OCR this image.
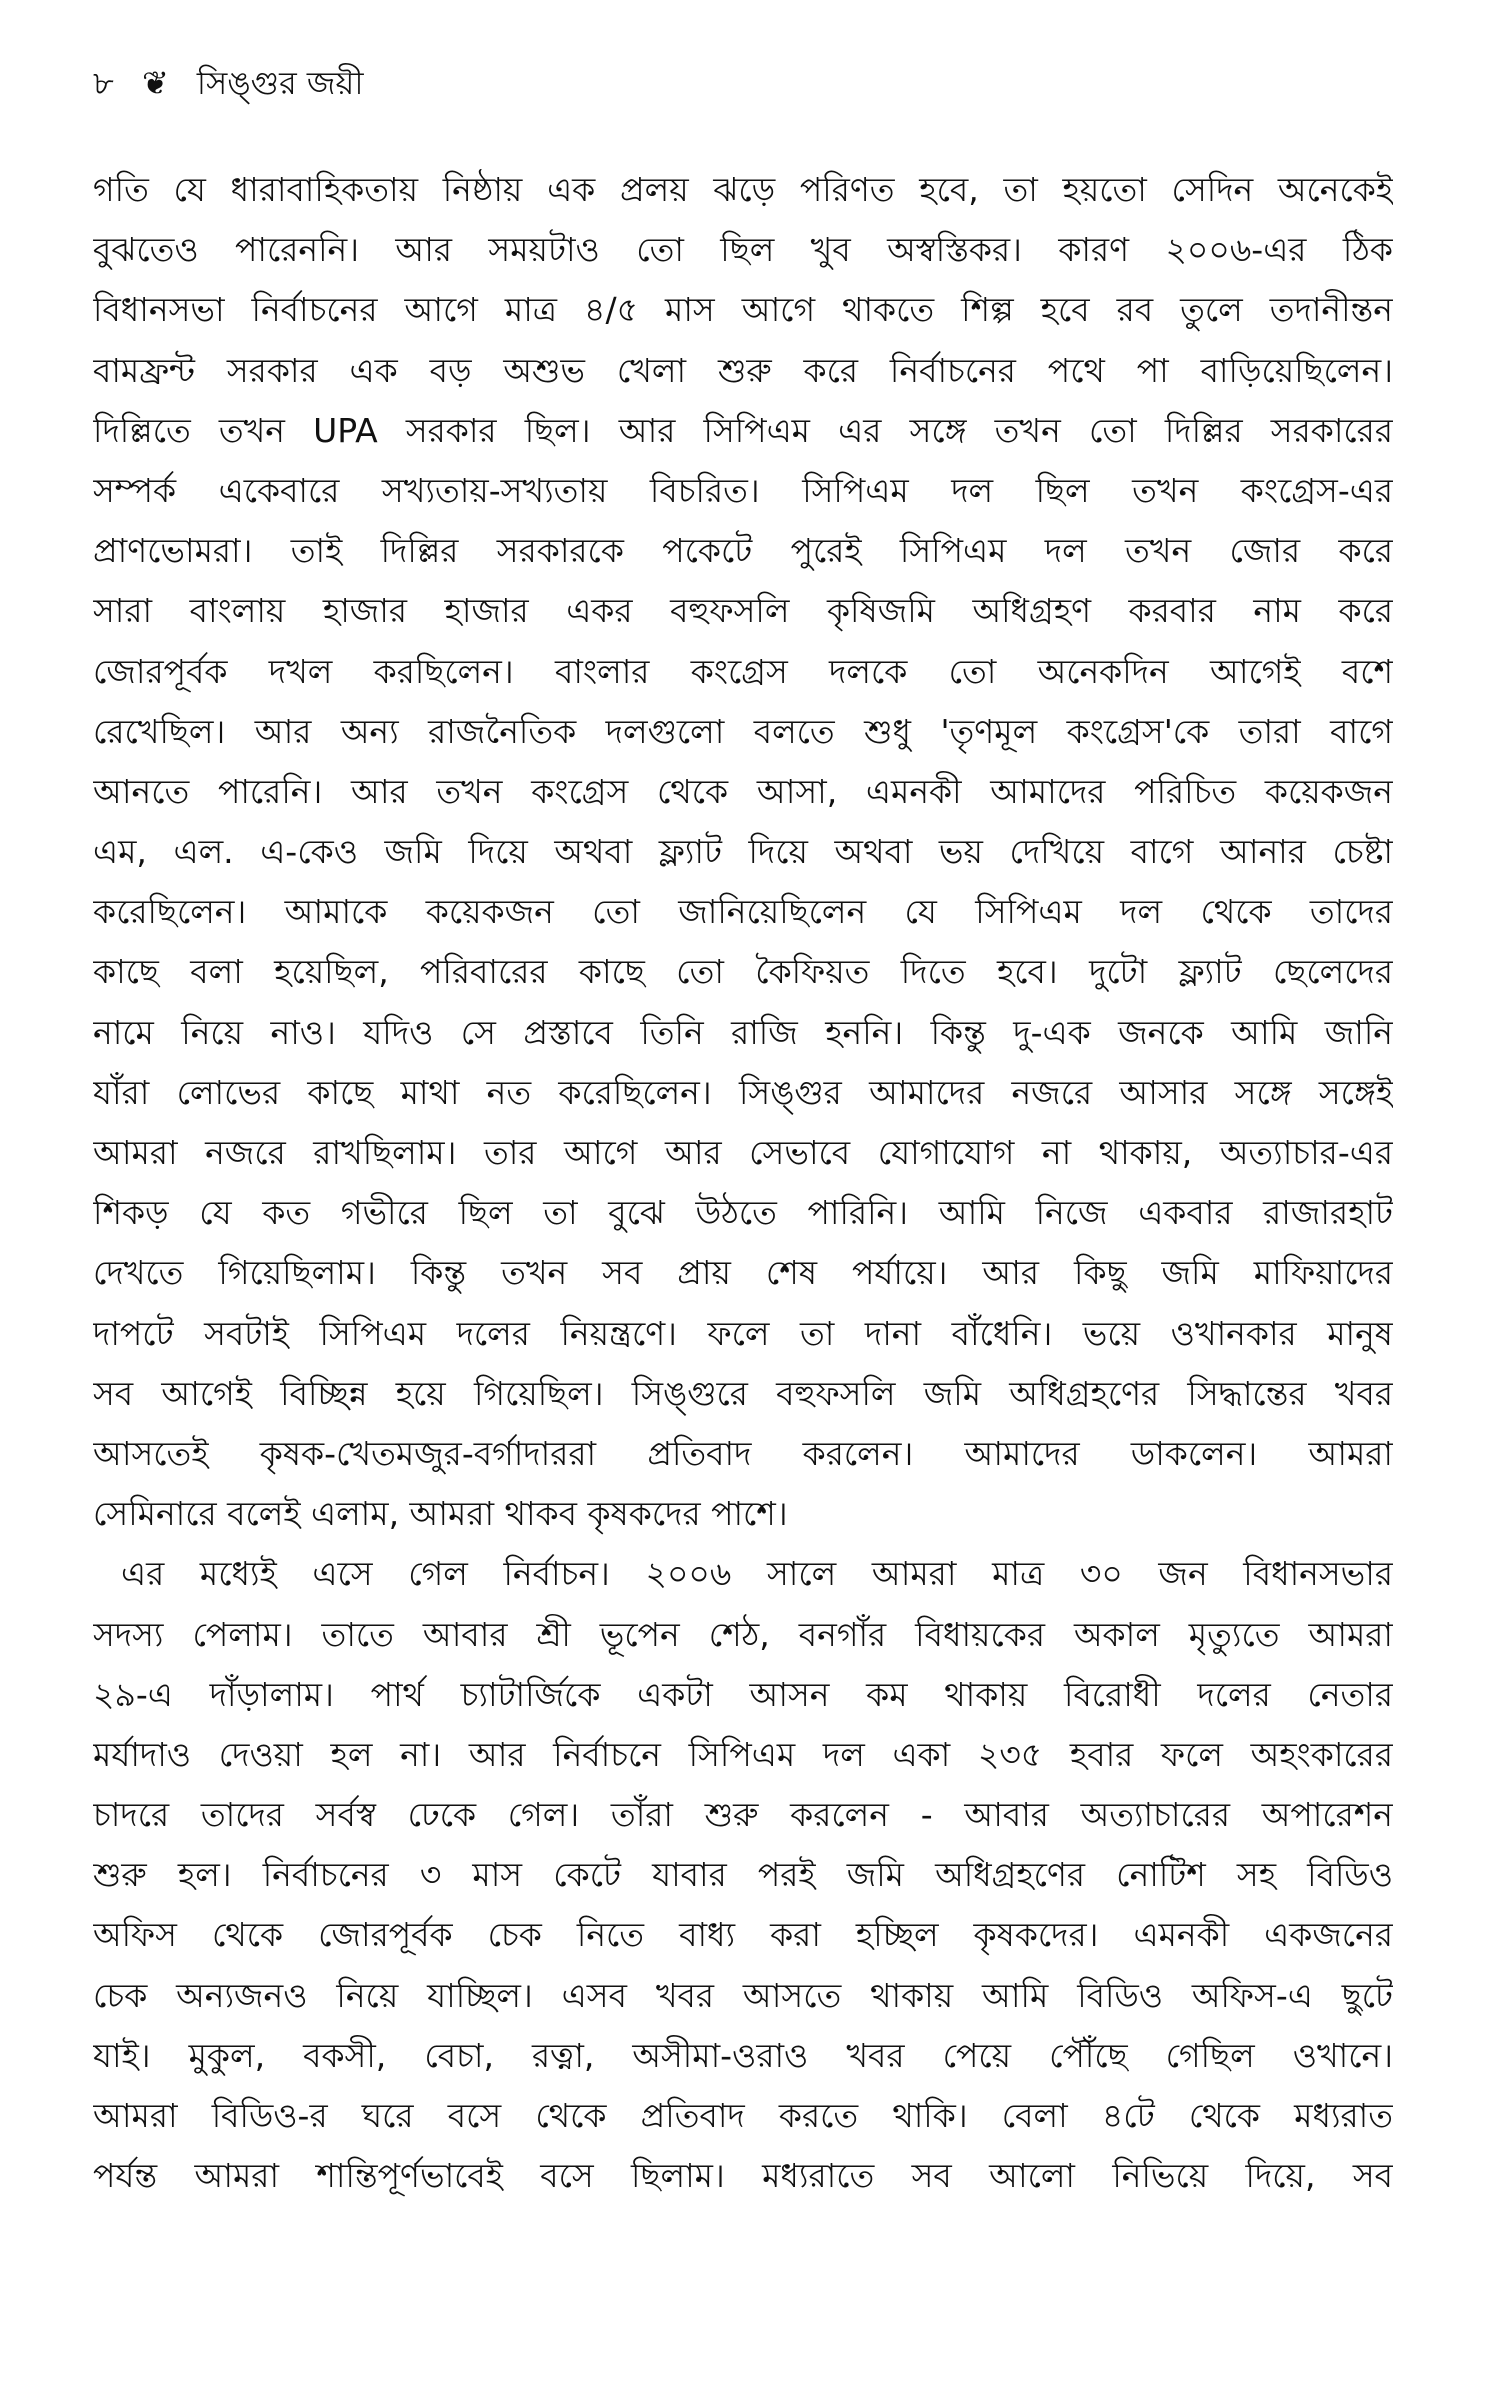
৮ ❦ সিঙ্গুর জয়ী
গতি যে ধারাবাহিকতায় নিষ্ঠায় এক প্রলয় ঝড়ে পরিণত হবে, তা হয়তো সেদিন অনেকেই
বুঝতেও পারেননি। আর সময়টাও তো ছিল খুব অস্বস্তিকর। কারণ ২০০৬-এর ঠিক
বিধানসভা নির্বাচনের আগে মাত্র ৪/৫ মাস আগে থাকতে শিল্প হবে রব তুলে তদানীন্তন
বামফ্রন্ট সরকার এক বড় অশুভ খেলা শুরু করে নির্বাচনের পথে পা বাড়িয়েছিলেন।
দিল্লিতে তখন UPA সরকার ছিল। আর সিপিএম এর সঙ্গে তখন তো দিল্লির সরকারের
সম্পর্ক একেবারে সখ্যতায়-সখ্যতায় বিচরিত। সিপিএম দল ছিল তখন কংগ্রেস-এর
প্রাণভোমরা। তাই দিল্লির সরকারকে পকেটে পুরেই সিপিএম দল তখন জোর করে
সারা বাংলায় হাজার হাজার একর বহুফসলি কৃষিজমি অধিগ্রহণ করবার নাম করে
জোরপূর্বক দখল করছিলেন। বাংলার কংগ্রেস দলকে তো অনেকদিন আগেই বশে
রেখেছিল। আর অন্য রাজনৈতিক দলগুলো বলতে শুধু 'তৃণমূল কংগ্রেস'কে তারা বাগে
আনতে পারেনি। আর তখন কংগ্রেস থেকে আসা, এমনকী আমাদের পরিচিত কয়েকজন
এম, এল. এ-কেও জমি দিয়ে অথবা ফ্ল্যাট দিয়ে অথবা ভয় দেখিয়ে বাগে আনার চেষ্টা
করেছিলেন। আমাকে কয়েকজন তো জানিয়েছিলেন যে সিপিএম দল থেকে তাদের
কাছে বলা হয়েছিল, পরিবারের কাছে তো কৈফিয়ত দিতে হবে। দুটো ফ্ল্যাট ছেলেদের
নামে নিয়ে নাও। যদিও সে প্রস্তাবে তিনি রাজি হননি। কিন্তু দু-এক জনকে আমি জানি
যাঁরা লোভের কাছে মাথা নত করেছিলেন। সিঙ্গুর আমাদের নজরে আসার সঙ্গে সঙ্গেই
আমরা নজরে রাখছিলাম। তার আগে আর সেভাবে যোগাযোগ না থাকায়, অত্যাচার-এর
শিকড় যে কত গভীরে ছিল তা বুঝে উঠতে পারিনি। আমি নিজে একবার রাজারহাট
দেখতে গিয়েছিলাম। কিন্তু তখন সব প্রায় শেষ পর্যায়ে। আর কিছু জমি মাফিয়াদের
দাপটে সবটাই সিপিএম দলের নিয়ন্ত্রণে। ফলে তা দানা বাঁধেনি। ভয়ে ওখানকার মানুষ
সব আগেই বিচ্ছিন্ন হয়ে গিয়েছিল। সিঙ্গুরে বহুফসলি জমি অধিগ্রহণের সিদ্ধান্তের খবর
আসতেই কৃষক-খেতমজুর-বর্গাদাররা প্রতিবাদ করলেন। আমাদের ডাকলেন। আমরা
সেমিনারে বলেই এলাম, আমরা থাকব কৃষকদের পাশে।
এর মধ্যেই এসে গেল নির্বাচন। ২০০৬ সালে আমরা মাত্র ৩০ জন বিধানসভার
সদস্য পেলাম। তাতে আবার শ্রী ভূপেন শেঠ, বনগাঁর বিধায়কের অকাল মৃত্যুতে আমরা
২৯-এ দাঁড়ালাম। পার্থ চ্যাটার্জিকে একটা আসন কম থাকায় বিরোধী দলের নেতার
মর্যাদাও দেওয়া হল না। আর নির্বাচনে সিপিএম দল একা ২৩৫ হবার ফলে অহংকারের
চাদরে তাদের সর্বস্ব ঢেকে গেল। তাঁরা শুরু করলেন - আবার অত্যাচারের অপারেশন
শুরু হল। নির্বাচনের ৩ মাস কেটে যাবার পরই জমি অধিগ্রহণের নোটিশ সহ বিডিও
অফিস থেকে জোরপূর্বক চেক নিতে বাধ্য করা হচ্ছিল কৃষকদের। এমনকী একজনের
চেক অন্যজনও নিয়ে যাচ্ছিল। এসব খবর আসতে থাকায় আমি বিডিও অফিস-এ ছুটে
যাই। মুকুল, বকসী, বেচা, রত্না, অসীমা-ওরাও খবর পেয়ে পৌঁছে গেছিল ওখানে।
আমরা বিডিও-র ঘরে বসে থেকে প্রতিবাদ করতে থাকি। বেলা ৪টে থেকে মধ্যরাত
পর্যন্ত আমরা শান্তিপূর্ণভাবেই বসে ছিলাম। মধ্যরাতে সব আলো নিভিয়ে দিয়ে, সব
